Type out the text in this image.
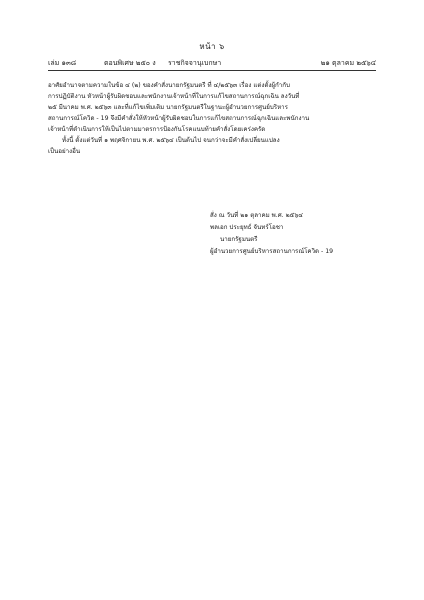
หน้า ๖
เล่ม ๑๓๘	ตอนพิเศษ ๒๕๐ ง ราชกิจจานุเบกษา	๒๑ ตุลาคม ๒๕๖๔
อาศัยอำนาจตามความในข้อ ๔ (๒) ของคำสั่งนายกรัฐมนตรี ที่ ๔/๒๕๖๓ เรื่อง แต่งตั้งผู้กำกับ
การปฏิบัติงาน หัวหน้าผู้รับผิดชอบและพนักงานเจ้าหน้าที่ในการแก้ไขสถานการณ์ฉุกเฉิน ลงวันที่
๒๕ มีนาคม พ.ศ. ๒๕๖๓ และที่แก้ไขเพิ่มเติม นายกรัฐมนตรีในฐานะผู้อำนวยการศูนย์บริหาร
สถานการณ์โควิด - 19 จึงมีคำสั่งให้หัวหน้าผู้รับผิดชอบในการแก้ไขสถานการณ์ฉุกเฉินและพนักงาน
เจ้าหน้าที่ดำเนินการให้เป็นไปตามมาตรการป้องกันโรคแนบท้ายคำสั่งโดยเคร่งครัด
ทั้งนี้ ตั้งแต่วันที่ ๑ พฤศจิกายน พ.ศ. ๒๕๖๔ เป็นต้นไป จนกว่าจะมีคำสั่งเปลี่ยนแปลง
เป็นอย่างอื่น
สั่ง ณ วันที่ ๒๑ ตุลาคม พ.ศ. ๒๕๖๔
พลเอก ประยุทธ์ จันทร์โอชา
นายกรัฐมนตรี
ผู้อำนวยการศูนย์บริหารสถานการณ์โควิด - 19
